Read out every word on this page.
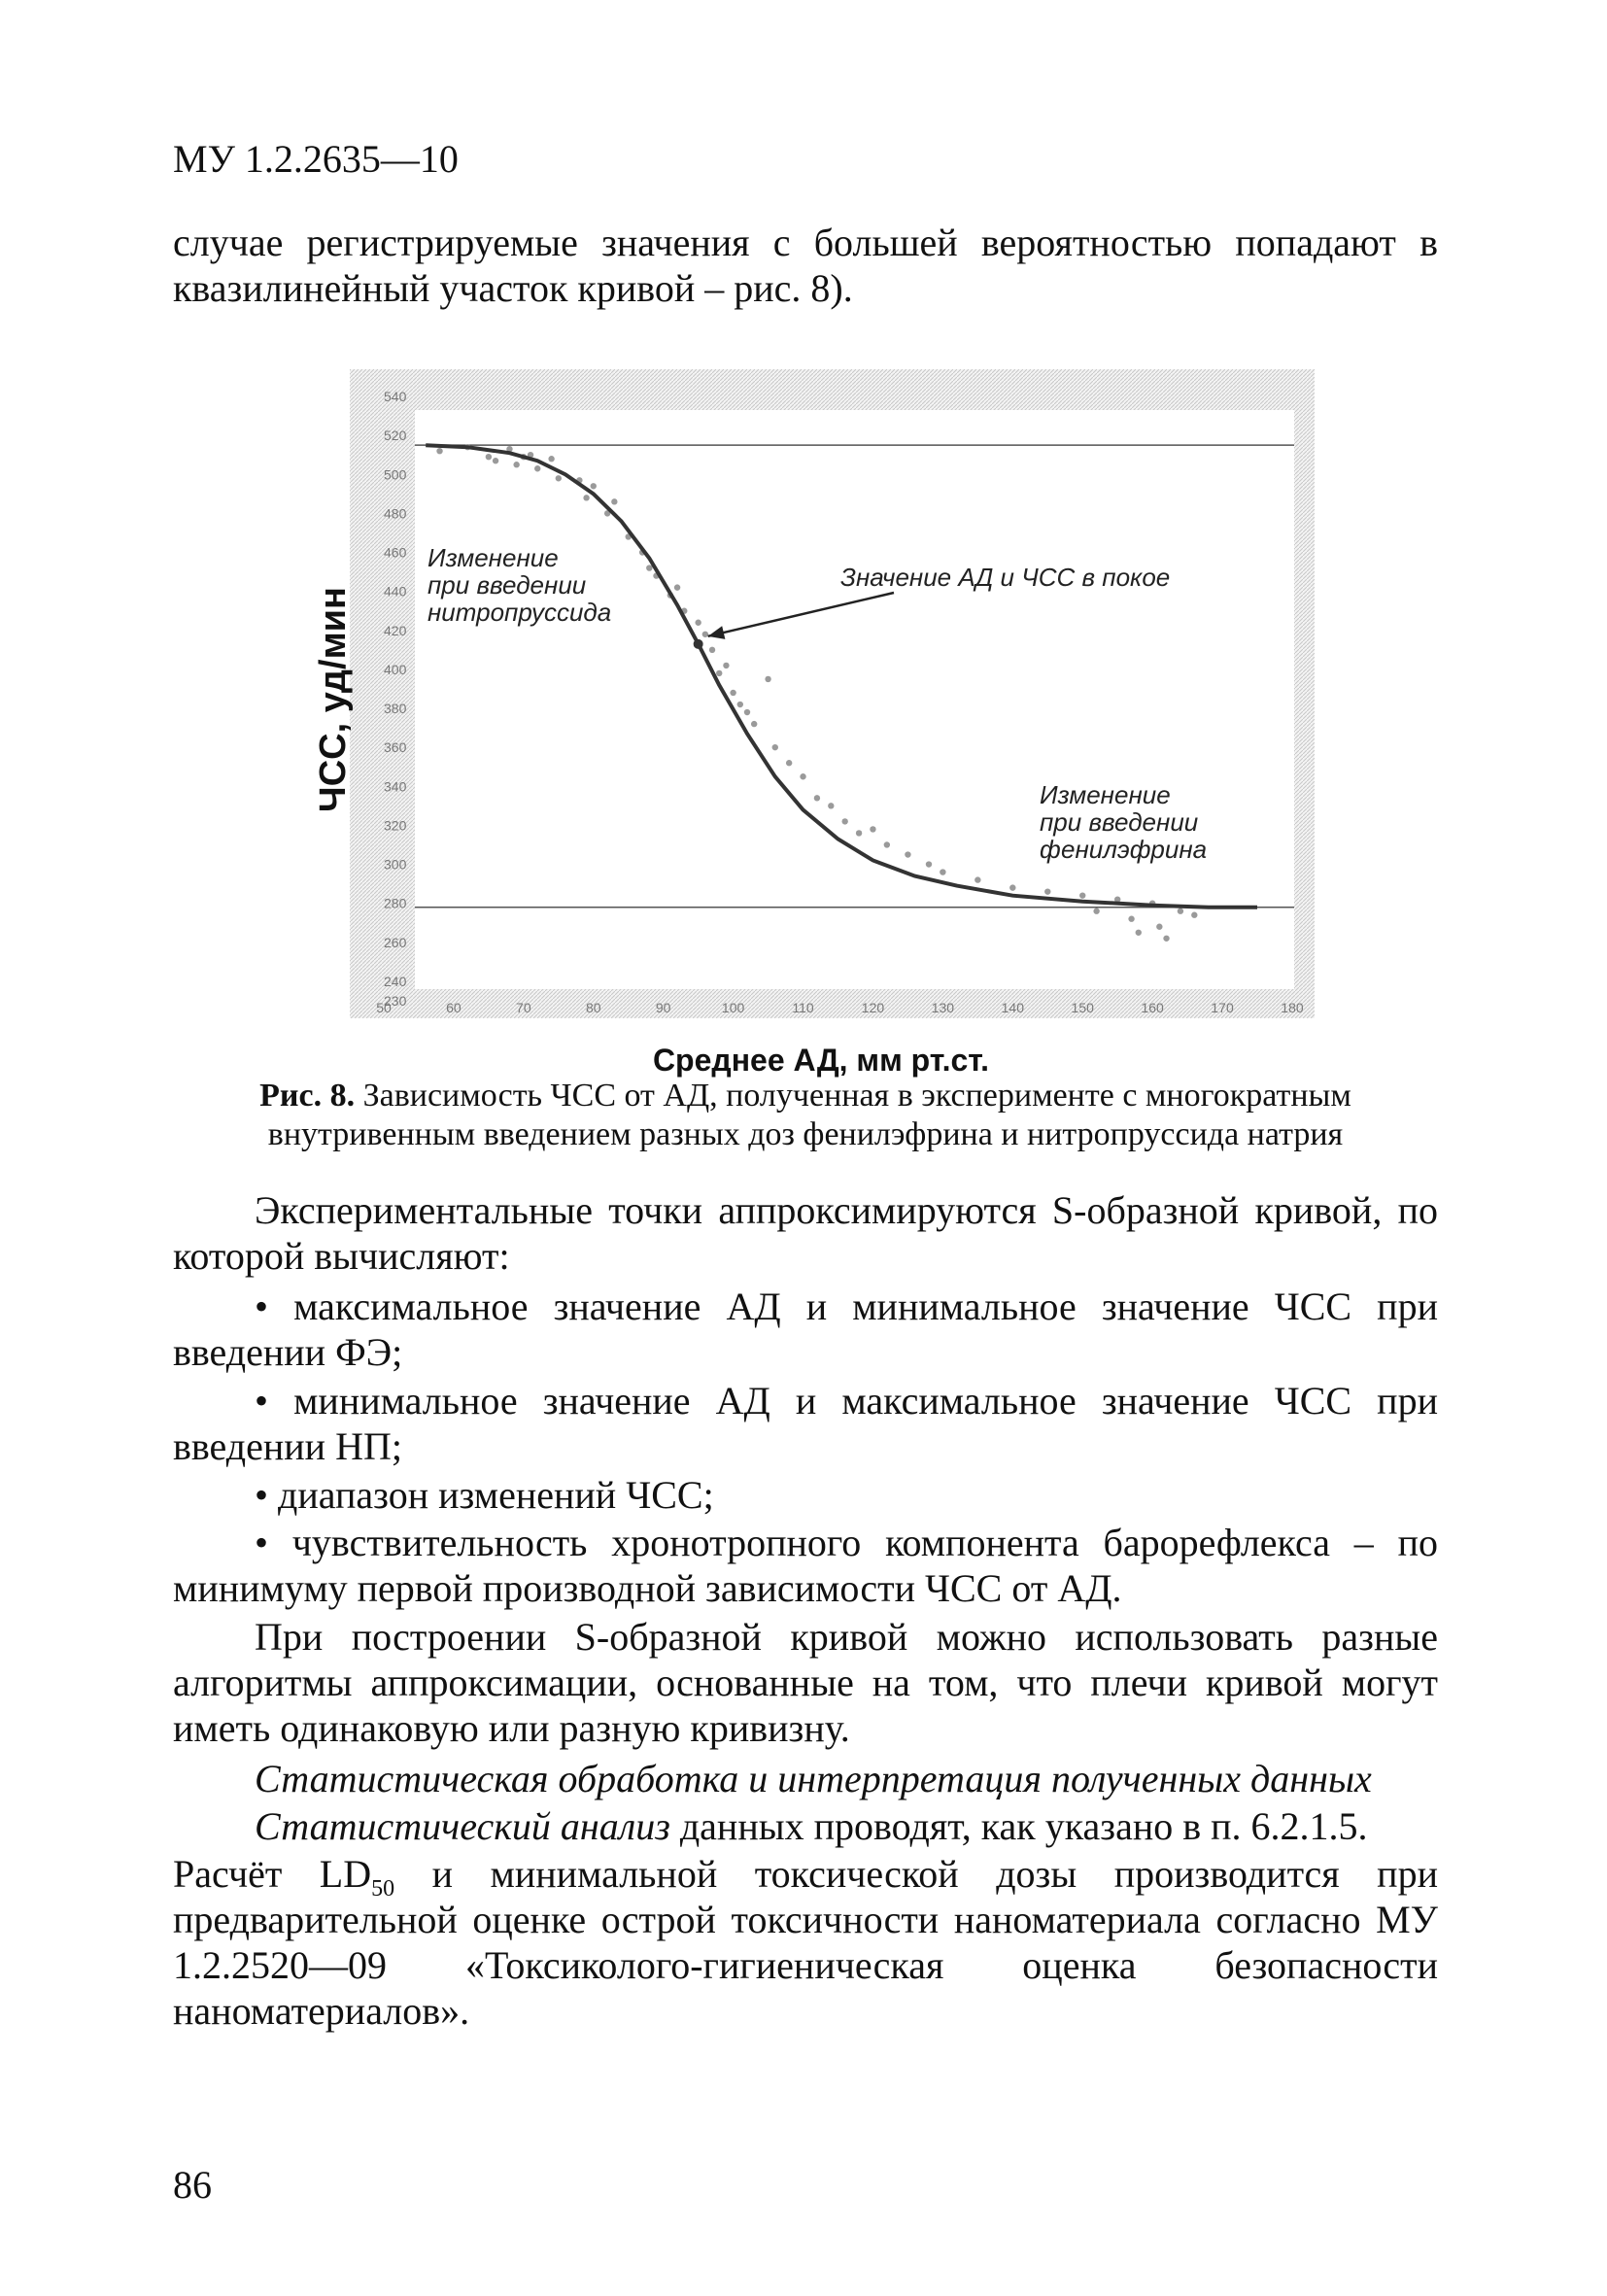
МУ 1.2.2635—10
случае регистрируемые значения с большей вероятностью попадают в квазилинейный участок кривой – рис. 8).
230
240
260
280
300
320
340
360
380
400
420
440
460
480
500
520
540
50	60	70	80	90	100	110	120	130	140	150	160	170	180
ЧСС, уд/мин
Среднее АД, мм рт.ст.
Изменение
при введении
нитропруссида
Значение АД и ЧСС в покое
Изменение
при введении
фенилэфрина
Рис. 8. Зависимость ЧСС от АД, полученная в эксперименте с многократным внутривенным введением разных доз фенилэфрина и нитропруссида натрия
Экспериментальные точки аппроксимируются S-образной кривой, по которой вычисляют:
• максимальное значение АД и минимальное значение ЧСС при введении ФЭ;
• минимальное значение АД и максимальное значение ЧСС при введении НП;
• диапазон изменений ЧСС;
• чувствительность хронотропного компонента барорефлекса – по минимуму первой производной зависимости ЧСС от АД.
При построении S-образной кривой можно использовать разные алгоритмы аппроксимации, основанные на том, что плечи кривой могут иметь одинаковую или разную кривизну.
Статистическая обработка и интерпретация полученных данных
Статистический анализ данных проводят, как указано в п. 6.2.1.5.
Расчёт $LD_{50}$ и минимальной токсической дозы производится при предварительной оценке острой токсичности наноматериала согласно МУ 1.2.2520—09 «Токсиколого-гигиеническая оценка безопасности наноматериалов».
86
